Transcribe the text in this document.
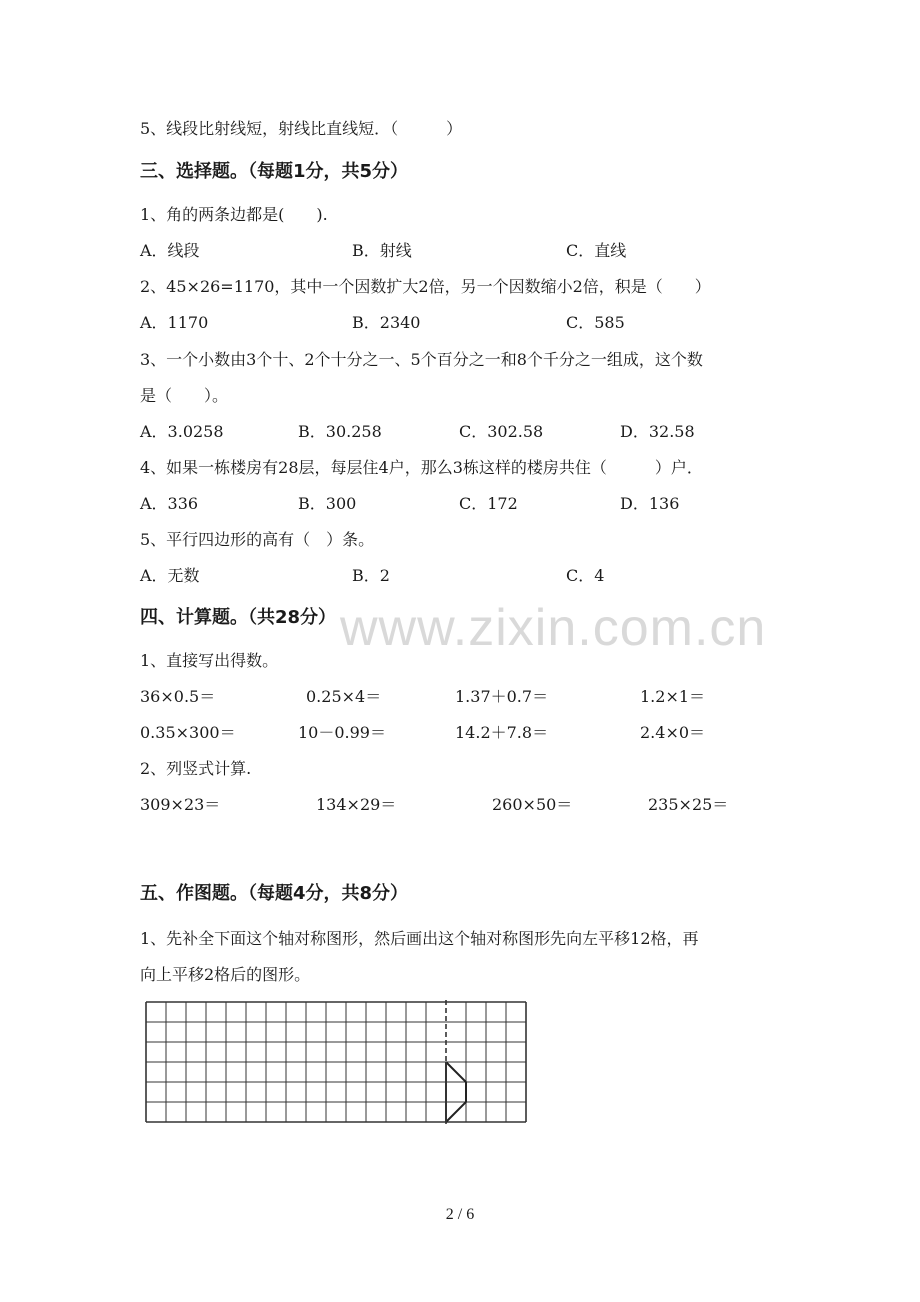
5、线段比射线短，射线比直线短．（　　　）
三、选择题。（每题1分，共5分）
1、角的两条边都是(　　).
A．线段	B．射线	C．直线
2、45×26=1170，其中一个因数扩大2倍，另一个因数缩小2倍，积是（　　）
A．1170	B．2340	C．585
3、一个小数由3个十、2个十分之一、5个百分之一和8个千分之一组成，这个数
是（　　）。
A．3.0258	B．30.258	C．302.58	D．32.58
4、如果一栋楼房有28层，每层住4户，那么3栋这样的楼房共住（　　　）户．
A．336	B．300	C．172	D．136
5、平行四边形的高有（　）条。
A．无数	B．2	C．4
www.zixin.com.cn
四、计算题。（共28分）
1、直接写出得数。
36×0.5＝	0.25×4＝	1.37＋0.7＝	1.2×1＝
0.35×300＝	10－0.99＝	14.2＋7.8＝	2.4×0＝
2、列竖式计算.
309×23＝	134×29＝	260×50＝	235×25＝
五、作图题。（每题4分，共8分）
1、先补全下面这个轴对称图形，然后画出这个轴对称图形先向左平移12格，再
向上平移2格后的图形。
2 / 6
